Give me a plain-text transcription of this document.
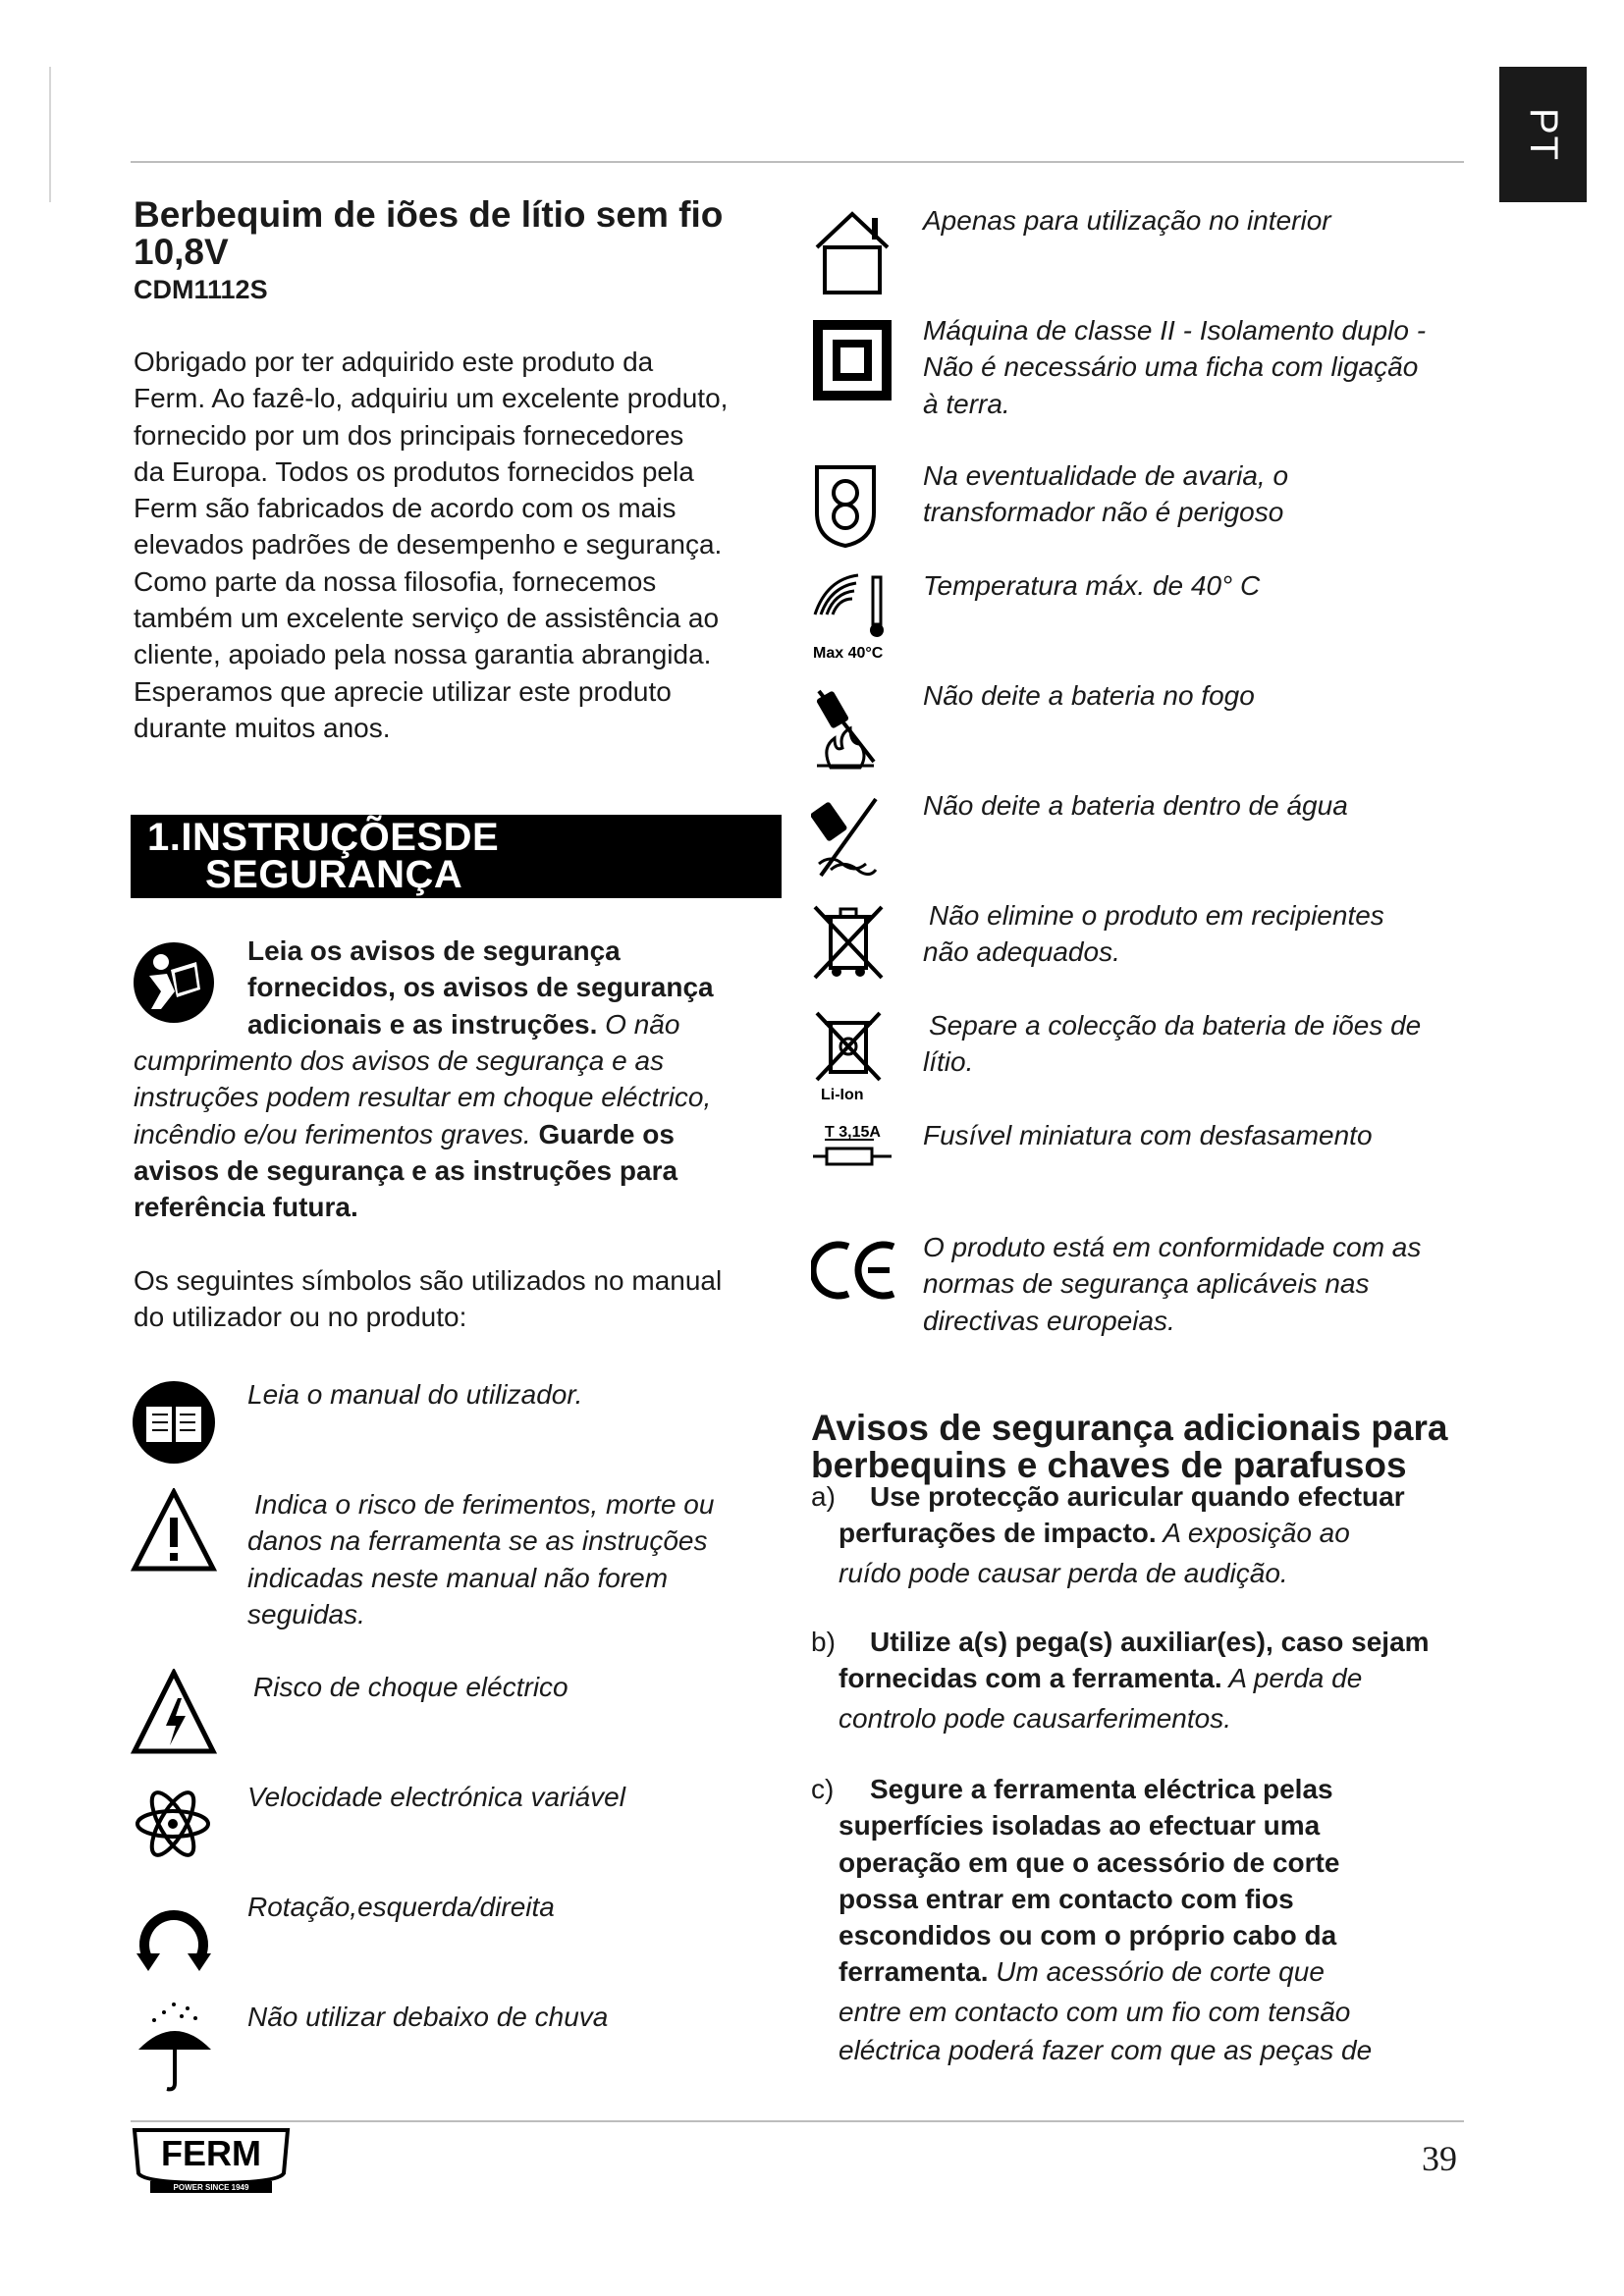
PT
Berbequim de iões de lítio sem fio
10,8V
CDM1112S

Obrigado por ter adquirido este produto da
Ferm. Ao fazê-lo, adquiriu um excelente produto,
fornecido por um dos principais fornecedores
da Europa. Todos os produtos fornecidos pela
Ferm são fabricados de acordo com os mais
elevados padrões de desempenho e segurança.
Como parte da nossa filosofia, fornecemos
também um excelente serviço de assistência ao
cliente, apoiado pela nossa garantia abrangida.
Esperamos que aprecie utilizar este produto
durante muitos anos.

1.INSTRUÇÕESDE
SEGURANÇA
Leia os avisos de segurança
fornecidos, os avisos de segurança
adicionais e as instruções. O não
cumprimento dos avisos de segurança e as
instruções podem resultar em choque eléctrico,
incêndio e/ou ferimentos graves. Guarde os
avisos de segurança e as instruções para
referência futura.
Os seguintes símbolos são utilizados no manual
do utilizador ou no produto:
Leia o manual do utilizador.
Indica o risco de ferimentos, morte ou
danos na ferramenta se as instruções
indicadas neste manual não forem
seguidas.
Risco de choque eléctrico
Velocidade electrónica variável
Rotação,esquerda/direita
Não utilizar debaixo de chuva
Apenas para utilização no interior
Máquina de classe II - Isolamento duplo -
Não é necessário uma ficha com ligação
à terra.
Na eventualidade de avaria, o
transformador não é perigoso
Max 40°C
Temperatura máx. de 40° C
Não deite a bateria no fogo
Não deite a bateria dentro de água
Não elimine o produto em recipientes
não adequados.
Li-Ion
Separe a colecção da bateria de iões de
lítio.
T 3,15A Fusível miniatura com desfasamento
O produto está em conformidade com as
normas de segurança aplicáveis nas
directivas europeias.
Avisos de segurança adicionais para
berbequins e chaves de parafusos
a)	Use protecção auricular quando efectuar
perfurações de impacto. A exposição ao
ruído pode causar perda de audição.
b)	Utilize a(s) pega(s) auxiliar(es), caso sejam
fornecidas com a ferramenta. A perda de
controlo pode causarferimentos.
c)	Segure a ferramenta eléctrica pelas
superfícies isoladas ao efectuar uma
operação em que o acessório de corte
possa entrar em contacto com fios
escondidos ou com o próprio cabo da
ferramenta. Um acessório de corte que
entre em contacto com um fio com tensão
eléctrica poderá fazer com que as peças de
FERM
POWER SINCE 1949
39
